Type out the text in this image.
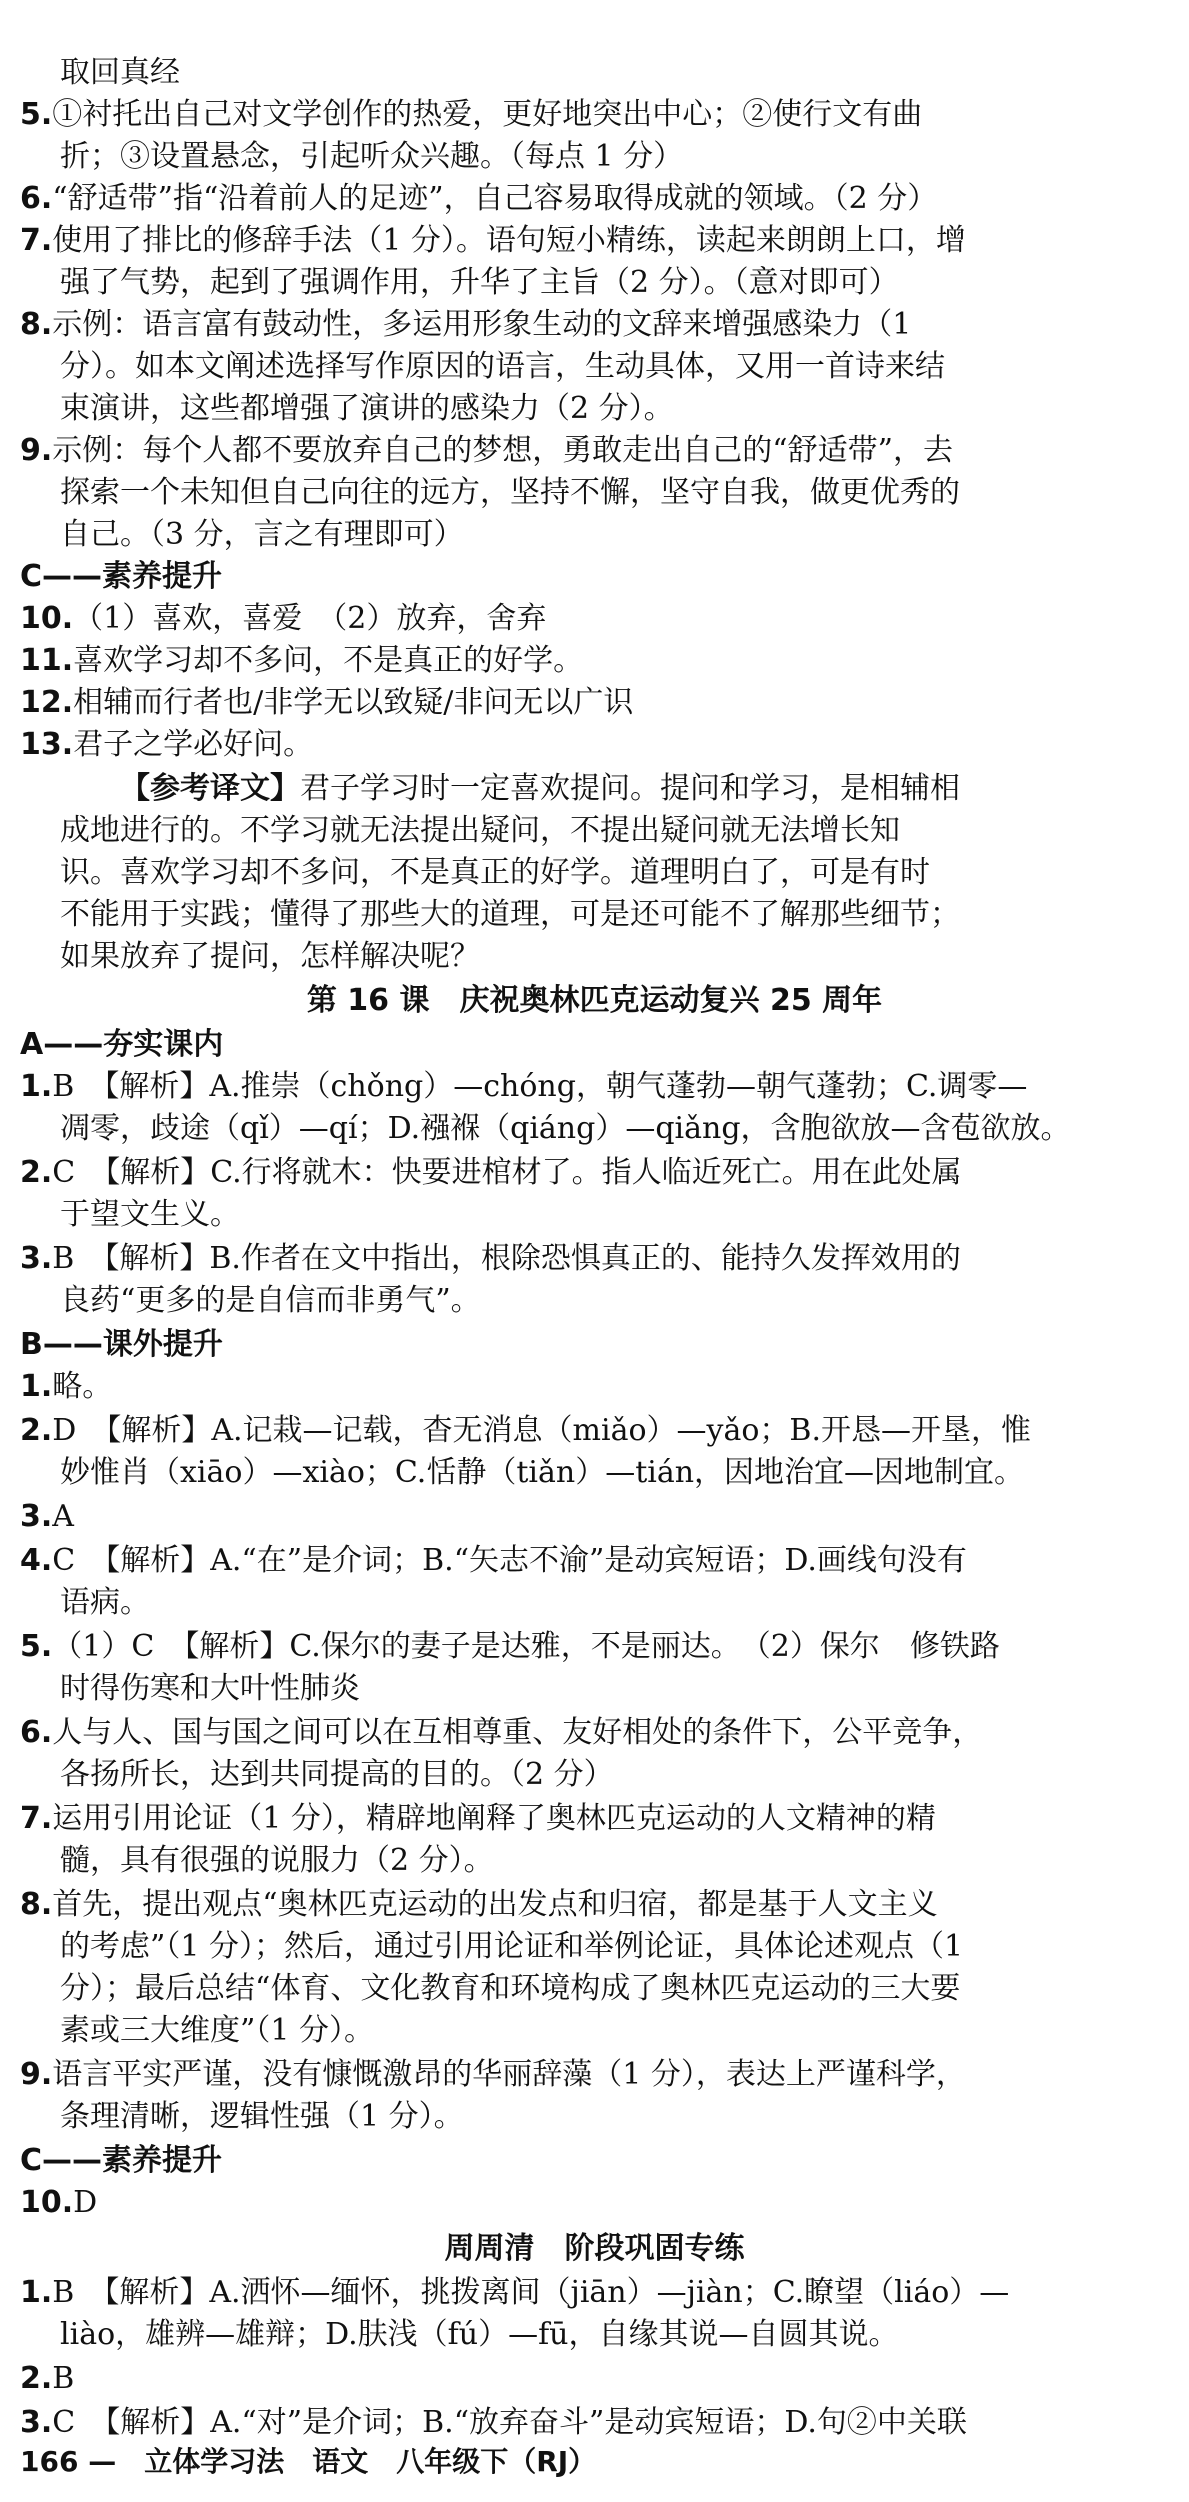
取回真经
5.①衬托出自己对文学创作的热爱，更好地突出中心；②使行文有曲
折；③设置悬念，引起听众兴趣。（每点 1 分）
6.“舒适带”指“沿着前人的足迹”，自己容易取得成就的领域。（2 分）
7.使用了排比的修辞手法（1 分）。语句短小精练，读起来朗朗上口，增
强了气势，起到了强调作用，升华了主旨（2 分）。（意对即可）
8.示例：语言富有鼓动性，多运用形象生动的文辞来增强感染力（1
分）。如本文阐述选择写作原因的语言，生动具体，又用一首诗来结
束演讲，这些都增强了演讲的感染力（2 分）。
9.示例：每个人都不要放弃自己的梦想，勇敢走出自己的“舒适带”，去
探索一个未知但自己向往的远方，坚持不懈，坚守自我，做更优秀的
自己。（3 分，言之有理即可）
C——素养提升
10.（1）喜欢，喜爱　（2）放弃，舍弃
11.喜欢学习却不多问，不是真正的好学。
12.相辅而行者也/非学无以致疑/非问无以广识
13.君子之学必好问。
【参考译文】君子学习时一定喜欢提问。提问和学习，是相辅相
成地进行的。不学习就无法提出疑问，不提出疑问就无法增长知
识。喜欢学习却不多问，不是真正的好学。道理明白了，可是有时
不能用于实践；懂得了那些大的道理，可是还可能不了解那些细节；
如果放弃了提问，怎样解决呢？
第 16 课　庆祝奥林匹克运动复兴 25 周年
A——夯实课内
1.B　【解析】A.推崇（chǒng）—chóng，朝气蓬勃—朝气蓬勃；C.调零—
凋零，歧途（qǐ）—qí；D.襁褓（qiáng）—qiǎng，含胞欲放—含苞欲放。
2.C　【解析】C.行将就木：快要进棺材了。指人临近死亡。用在此处属
于望文生义。
3.B　【解析】B.作者在文中指出，根除恐惧真正的、能持久发挥效用的
良药“更多的是自信而非勇气”。
B——课外提升
1.略。
2.D　【解析】A.记栽—记载，杳无消息（miǎo）—yǎo；B.开恳—开垦，惟
妙惟肖（xiāo）—xiào；C.恬静（tiǎn）—tián，因地治宜—因地制宜。
3.A
4.C　【解析】A.“在”是介词；B.“矢志不渝”是动宾短语；D.画线句没有
语病。
5.（1）C　【解析】C.保尔的妻子是达雅，不是丽达。　（2）保尔　修铁路
时得伤寒和大叶性肺炎
6.人与人、国与国之间可以在互相尊重、友好相处的条件下，公平竞争，
各扬所长，达到共同提高的目的。（2 分）
7.运用引用论证（1 分），精辟地阐释了奥林匹克运动的人文精神的精
髓，具有很强的说服力（2 分）。
8.首先，提出观点“奥林匹克运动的出发点和归宿，都是基于人文主义
的考虑”（1 分）；然后，通过引用论证和举例论证，具体论述观点（1
分）；最后总结“体育、文化教育和环境构成了奥林匹克运动的三大要
素或三大维度”（1 分）。
9.语言平实严谨，没有慷慨激昂的华丽辞藻（1 分），表达上严谨科学，
条理清晰，逻辑性强（1 分）。
C——素养提升
10.D
周周清　阶段巩固专练
1.B　【解析】A.洒怀—缅怀，挑拨离间（jiān）—jiàn；C.瞭望（liáo）—
liào，雄辨—雄辩；D.肤浅（fú）—fū，自缘其说—自圆其说。
2.B
3.C　【解析】A.“对”是介词；B.“放弃奋斗”是动宾短语；D.句②中关联
166 —　立体学习法　语文　八年级下（RJ）
